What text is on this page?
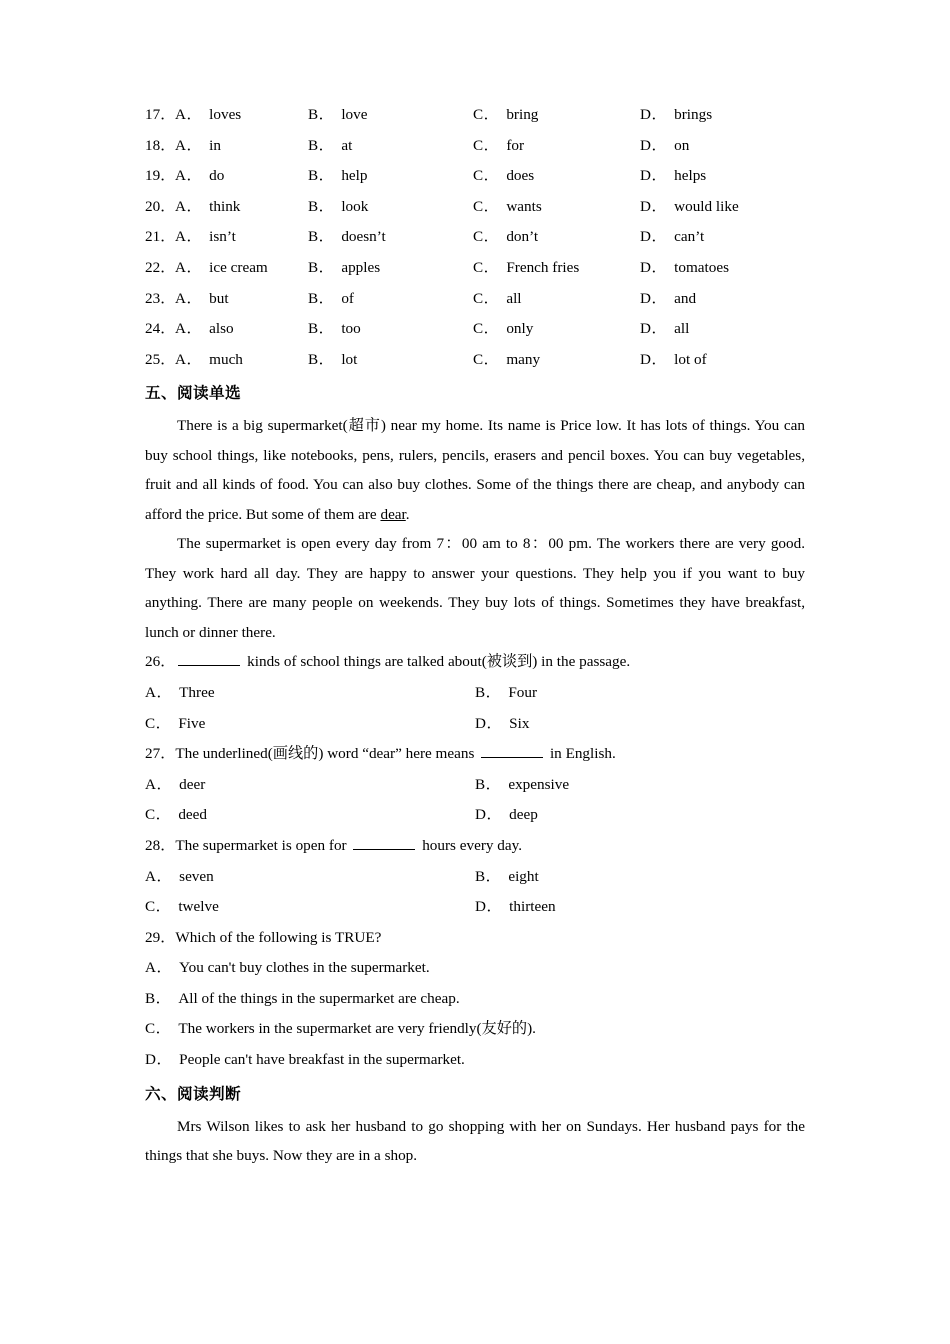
17． A． loves	B． love	C． bring	D． brings
18． A． in	B． at	C． for	D． on
19． A． do	B． help	C． does	D． helps
20． A． think	B． look	C． wants	D． would like
21． A． isn’t	B． doesn’t	C． don’t	D． can’t
22． A． ice cream	B． apples	C． French fries	D． tomatoes
23． A． but	B． of	C． all	D． and
24． A． also	B． too	C． only	D． all
25． A． much	B． lot	C． many	D． lot of
五、阅读单选

There is a big supermarket(超市) near my home. Its name is Price low. It has lots of things. You can buy school things, like notebooks, pens, rulers, pencils, erasers and pencil boxes. You can buy vegetables, fruit and all kinds of food. You can also buy clothes. Some of the things there are cheap, and anybody can afford the price. But some of them are dear.

The supermarket is open every day from 7：00 am to 8：00 pm. The workers there are very good. They work hard all day. They are happy to answer your questions. They help you if you want to buy anything. There are many people on weekends. They buy lots of things. Sometimes they have breakfast, lunch or dinner there.

26．	kinds of school things are talked about(被谈到) in the passage.
A． Three	B． Four
C． Five	D． Six
27．The underlined(画线的) word “dear” here means	in English.
A． deer	B． expensive
C． deed	D． deep
28．The supermarket is open for	hours every day.
A． seven	B． eight
C． twelve	D． thirteen
29．Which of the following is TRUE?
A． You can't buy clothes in the supermarket.
B． All of the things in the supermarket are cheap.
C． The workers in the supermarket are very friendly(友好的).
D． People can't have breakfast in the supermarket.
六、阅读判断

Mrs Wilson likes to ask her husband to go shopping with her on Sundays. Her husband pays for the things that she buys. Now they are in a shop.
